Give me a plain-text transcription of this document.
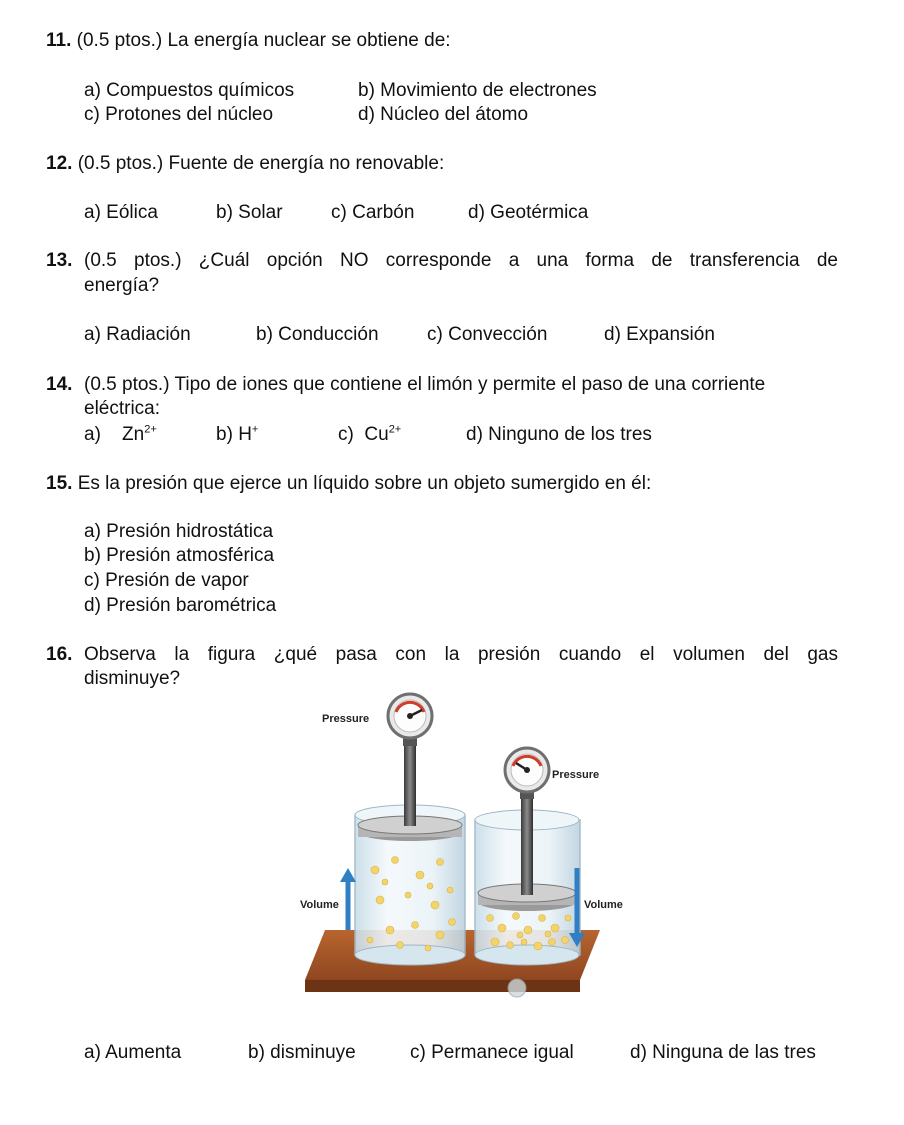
11. (0.5 ptos.) La energía nuclear se obtiene de:
a) Compuestos químicos	b) Movimiento de electrones
c) Protones del núcleo	d) Núcleo del átomo
12. (0.5 ptos.) Fuente de energía no renovable:
a) Eólica	b) Solar	c) Carbón	d) Geotérmica
13. (0.5 ptos.) ¿Cuál opción NO corresponde a una forma de transferencia de
energía?
a) Radiación	b) Conducción	c) Convección	d) Expansión
14. (0.5 ptos.) Tipo de iones que contiene el limón y permite el paso de una corriente
eléctrica:
a) $Zn^{2+}$	b) H+	c) $Cu^{2+}$	d) Ninguno de los tres
15. Es la presión que ejerce un líquido sobre un objeto sumergido en él:
a) Presión hidrostática
b) Presión atmosférica
c) Presión de vapor
d) Presión barométrica
16. Observa la figura ¿qué pasa con la presión cuando el volumen del gas
disminuye?
Pressure
Pressure
Volume	Volume
a) Aumenta	b) disminuye	c) Permanece igual	d) Ninguna de las tres
